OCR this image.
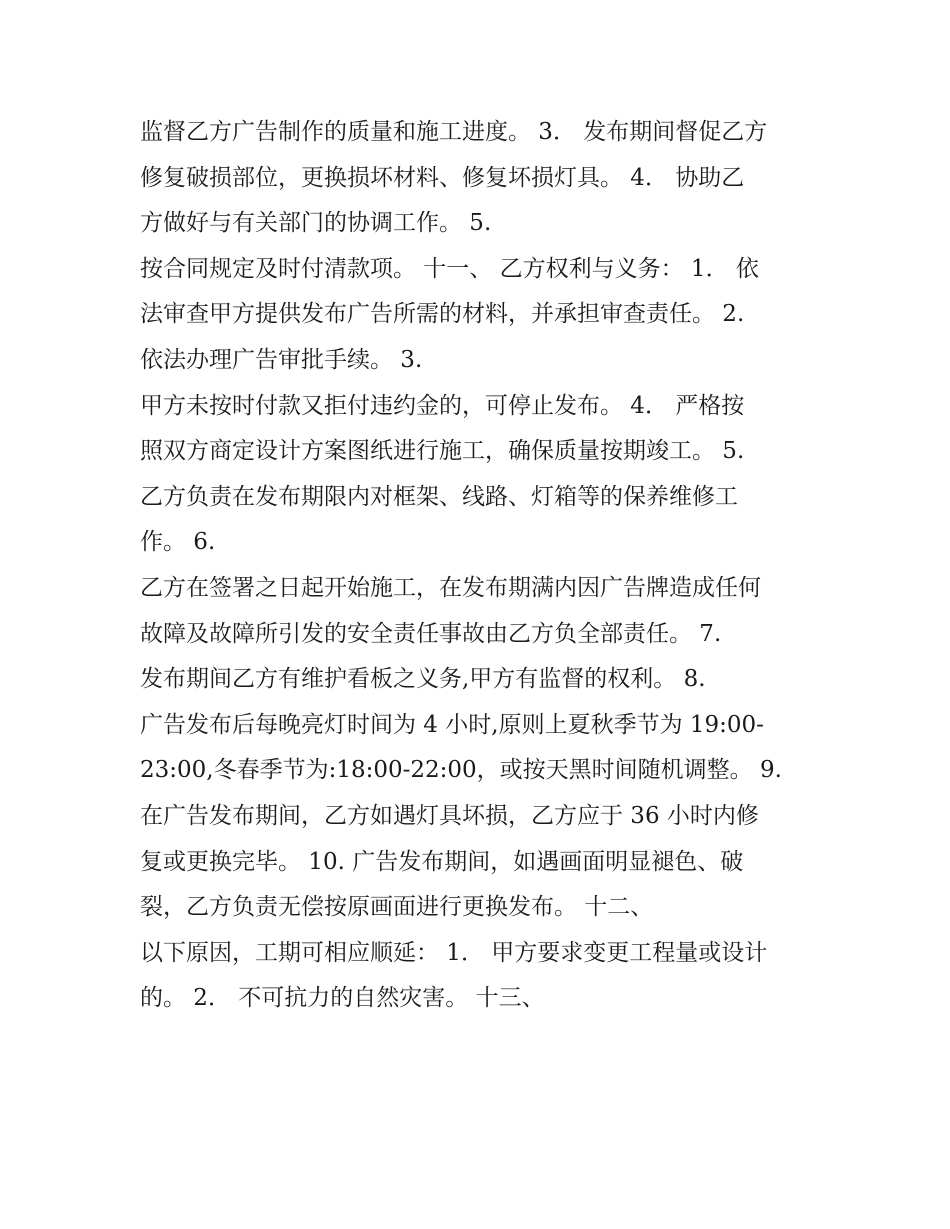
监督乙方广告制作的质量和施工进度。 3． 发布期间督促乙方
修复破损部位，更换损坏材料、修复坏损灯具。 4． 协助乙
方做好与有关部门的协调工作。 5.
按合同规定及时付清款项。 十一、 乙方权利与义务： 1． 依
法审查甲方提供发布广告所需的材料，并承担审查责任。 2.
依法办理广告审批手续。 3.
甲方未按时付款又拒付违约金的，可停止发布。 4． 严格按
照双方商定设计方案图纸进行施工，确保质量按期竣工。 5.
乙方负责在发布期限内对框架、线路、灯箱等的保养维修工
作。 6.
乙方在签署之日起开始施工，在发布期满内因广告牌造成任何
故障及故障所引发的安全责任事故由乙方负全部责任。 7.
发布期间乙方有维护看板之义务,甲方有监督的权利。 8.
广告发布后每晚亮灯时间为 4 小时,原则上夏秋季节为 19:00-
23:00,冬春季节为:18:00-22:00，或按天黑时间随机调整。 9.
在广告发布期间，乙方如遇灯具坏损，乙方应于 36 小时内修
复或更换完毕。 10. 广告发布期间，如遇画面明显褪色、破
裂，乙方负责无偿按原画面进行更换发布。 十二、
以下原因，工期可相应顺延： 1． 甲方要求变更工程量或设计
的。 2． 不可抗力的自然灾害。 十三、
